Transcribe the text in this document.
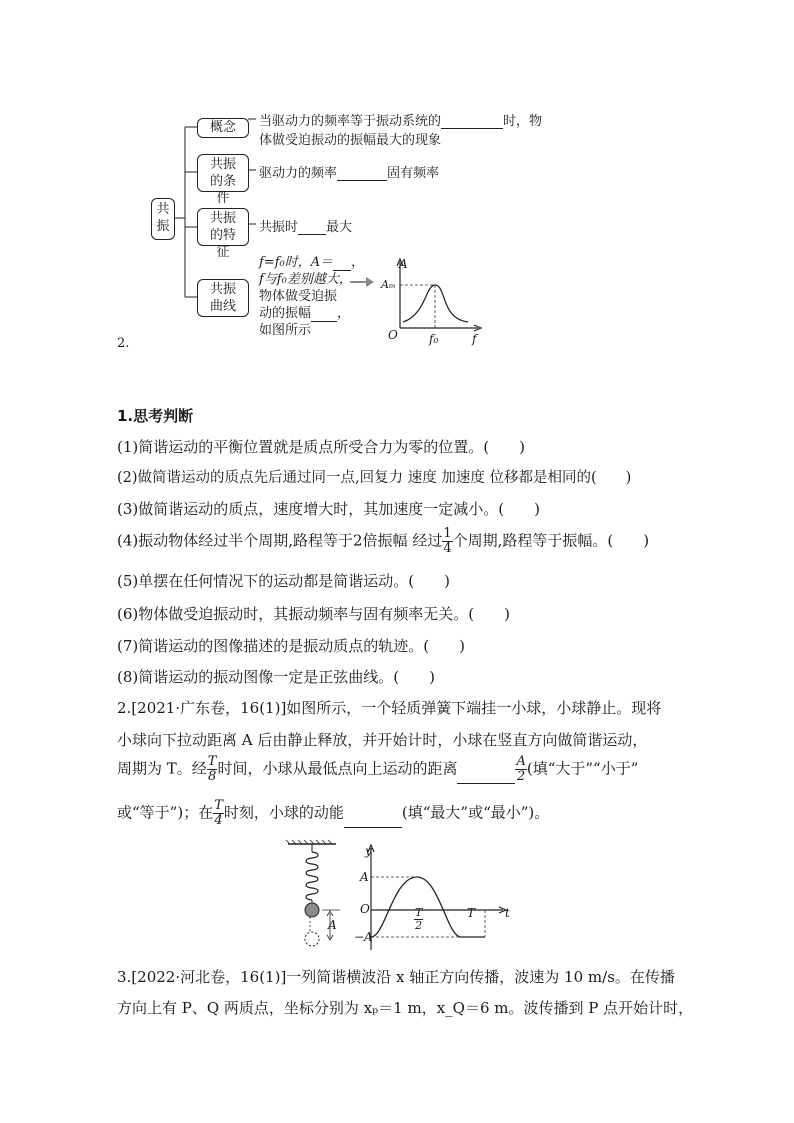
共振
概念
共振的条件
共振的特征
共振曲线
当驱动力的频率等于振动系统的	时，物
体做受迫振动的振幅最大的现象
驱动力的频率	固有频率
共振时 最大
f=f₀时，A＝ ，
f与f₀差别越大，
物体做受迫振
动的振幅 ，
如图所示
A
Aₘ
O	f₀	f
2.
1.思考判断
(1)简谐运动的平衡位置就是质点所受合力为零的位置。(　　)
(2)做简谐运动的质点先后通过同一点,回复力 速度 加速度 位移都是相同的(　　)
(3)做简谐运动的质点，速度增大时，其加速度一定减小。(　　)
(4)振动物体经过半个周期,路程等于2倍振幅 经过 $\frac{1}{4}$ 个周期,路程等于振幅。(　　)
(5)单摆在任何情况下的运动都是简谐运动。(　　)
(6)物体做受迫振动时，其振动频率与固有频率无关。(　　)
(7)简谐运动的图像描述的是振动质点的轨迹。(　　)
(8)简谐运动的振动图像一定是正弦曲线。(　　)
2.[2021·广东卷，16(1)]如图所示，一个轻质弹簧下端挂一小球，小球静止。现将
小球向下拉动距离 A 后由静止释放，并开始计时，小球在竖直方向做简谐运动，
周期为 T。经 $\frac{T}{8}$ 时间，小球从最低点向上运动的距离	$\frac{A}{2}$ (填“大于”“小于”
或“等于”)；在 $\frac{T}{4}$ 时刻，小球的动能	(填“最大”或“最小”)。
A
y
A
O
−A
t
T
$\frac{T}{2}$
3.[2022·河北卷，16(1)]一列简谐横波沿 x 轴正方向传播，波速为 10 m/s。在传播
方向上有 P、Q 两质点，坐标分别为 xₚ＝1 m，x_Q＝6 m。波传播到 P 点开始计时，
